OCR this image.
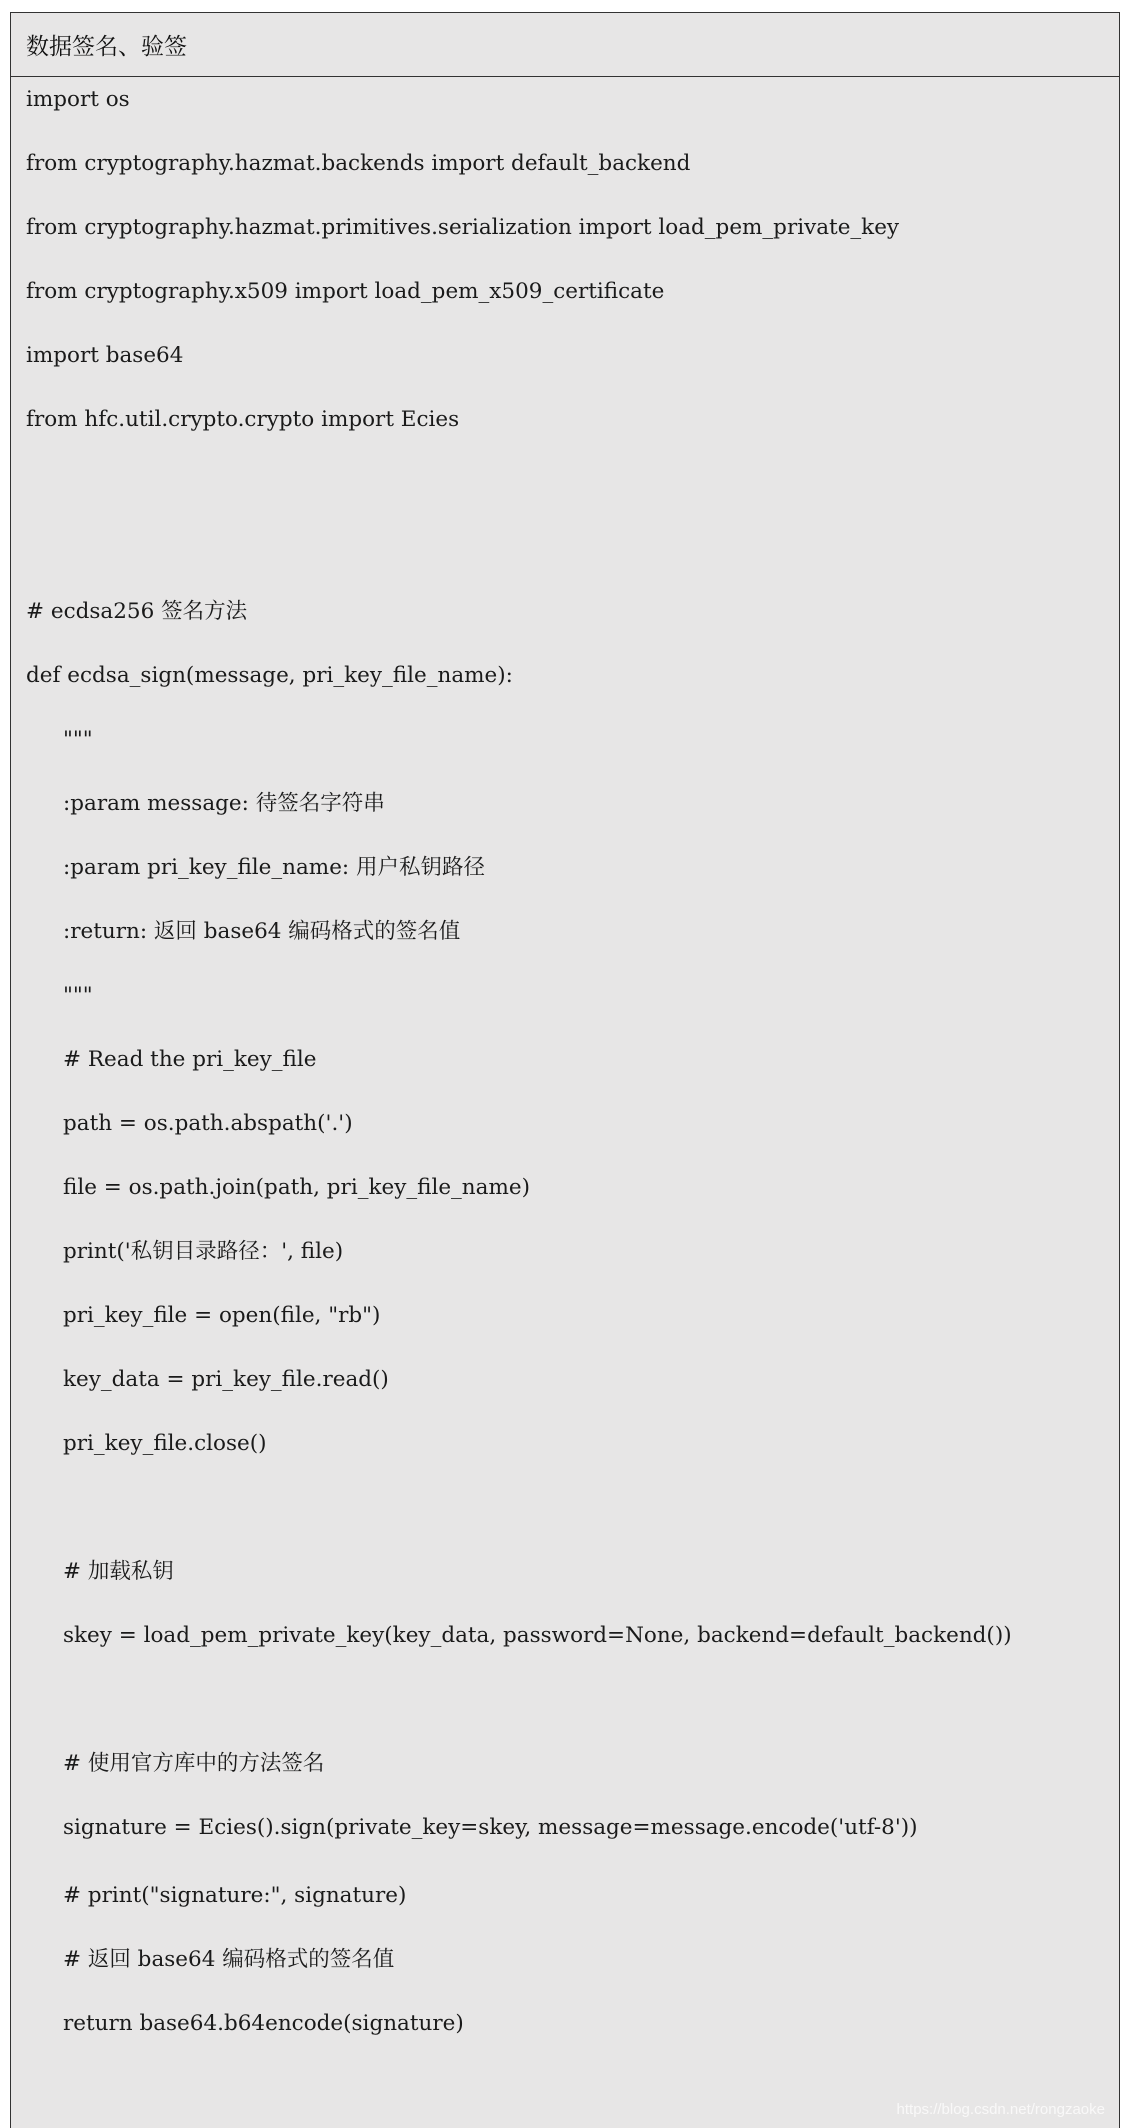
数据签名、验签
import os
from cryptography.hazmat.backends import default_backend
from cryptography.hazmat.primitives.serialization import load_pem_private_key
from cryptography.x509 import load_pem_x509_certificate
import base64
from hfc.util.crypto.crypto import Ecies
# ecdsa256 签名方法
def ecdsa_sign(message, pri_key_file_name):
"""
:param message: 待签名字符串
:param pri_key_file_name: 用户私钥路径
:return: 返回 base64 编码格式的签名值
"""
# Read the pri_key_file
path = os.path.abspath('.')
file = os.path.join(path, pri_key_file_name)
print('私钥目录路径：', file)
pri_key_file = open(file, "rb")
key_data = pri_key_file.read()
pri_key_file.close()
# 加载私钥
skey = load_pem_private_key(key_data, password=None, backend=default_backend())
# 使用官方库中的方法签名
signature = Ecies().sign(private_key=skey, message=message.encode('utf-8'))
# print("signature:", signature)
# 返回 base64 编码格式的签名值
return base64.b64encode(signature)
https://blog.csdn.net/rongzaoke
